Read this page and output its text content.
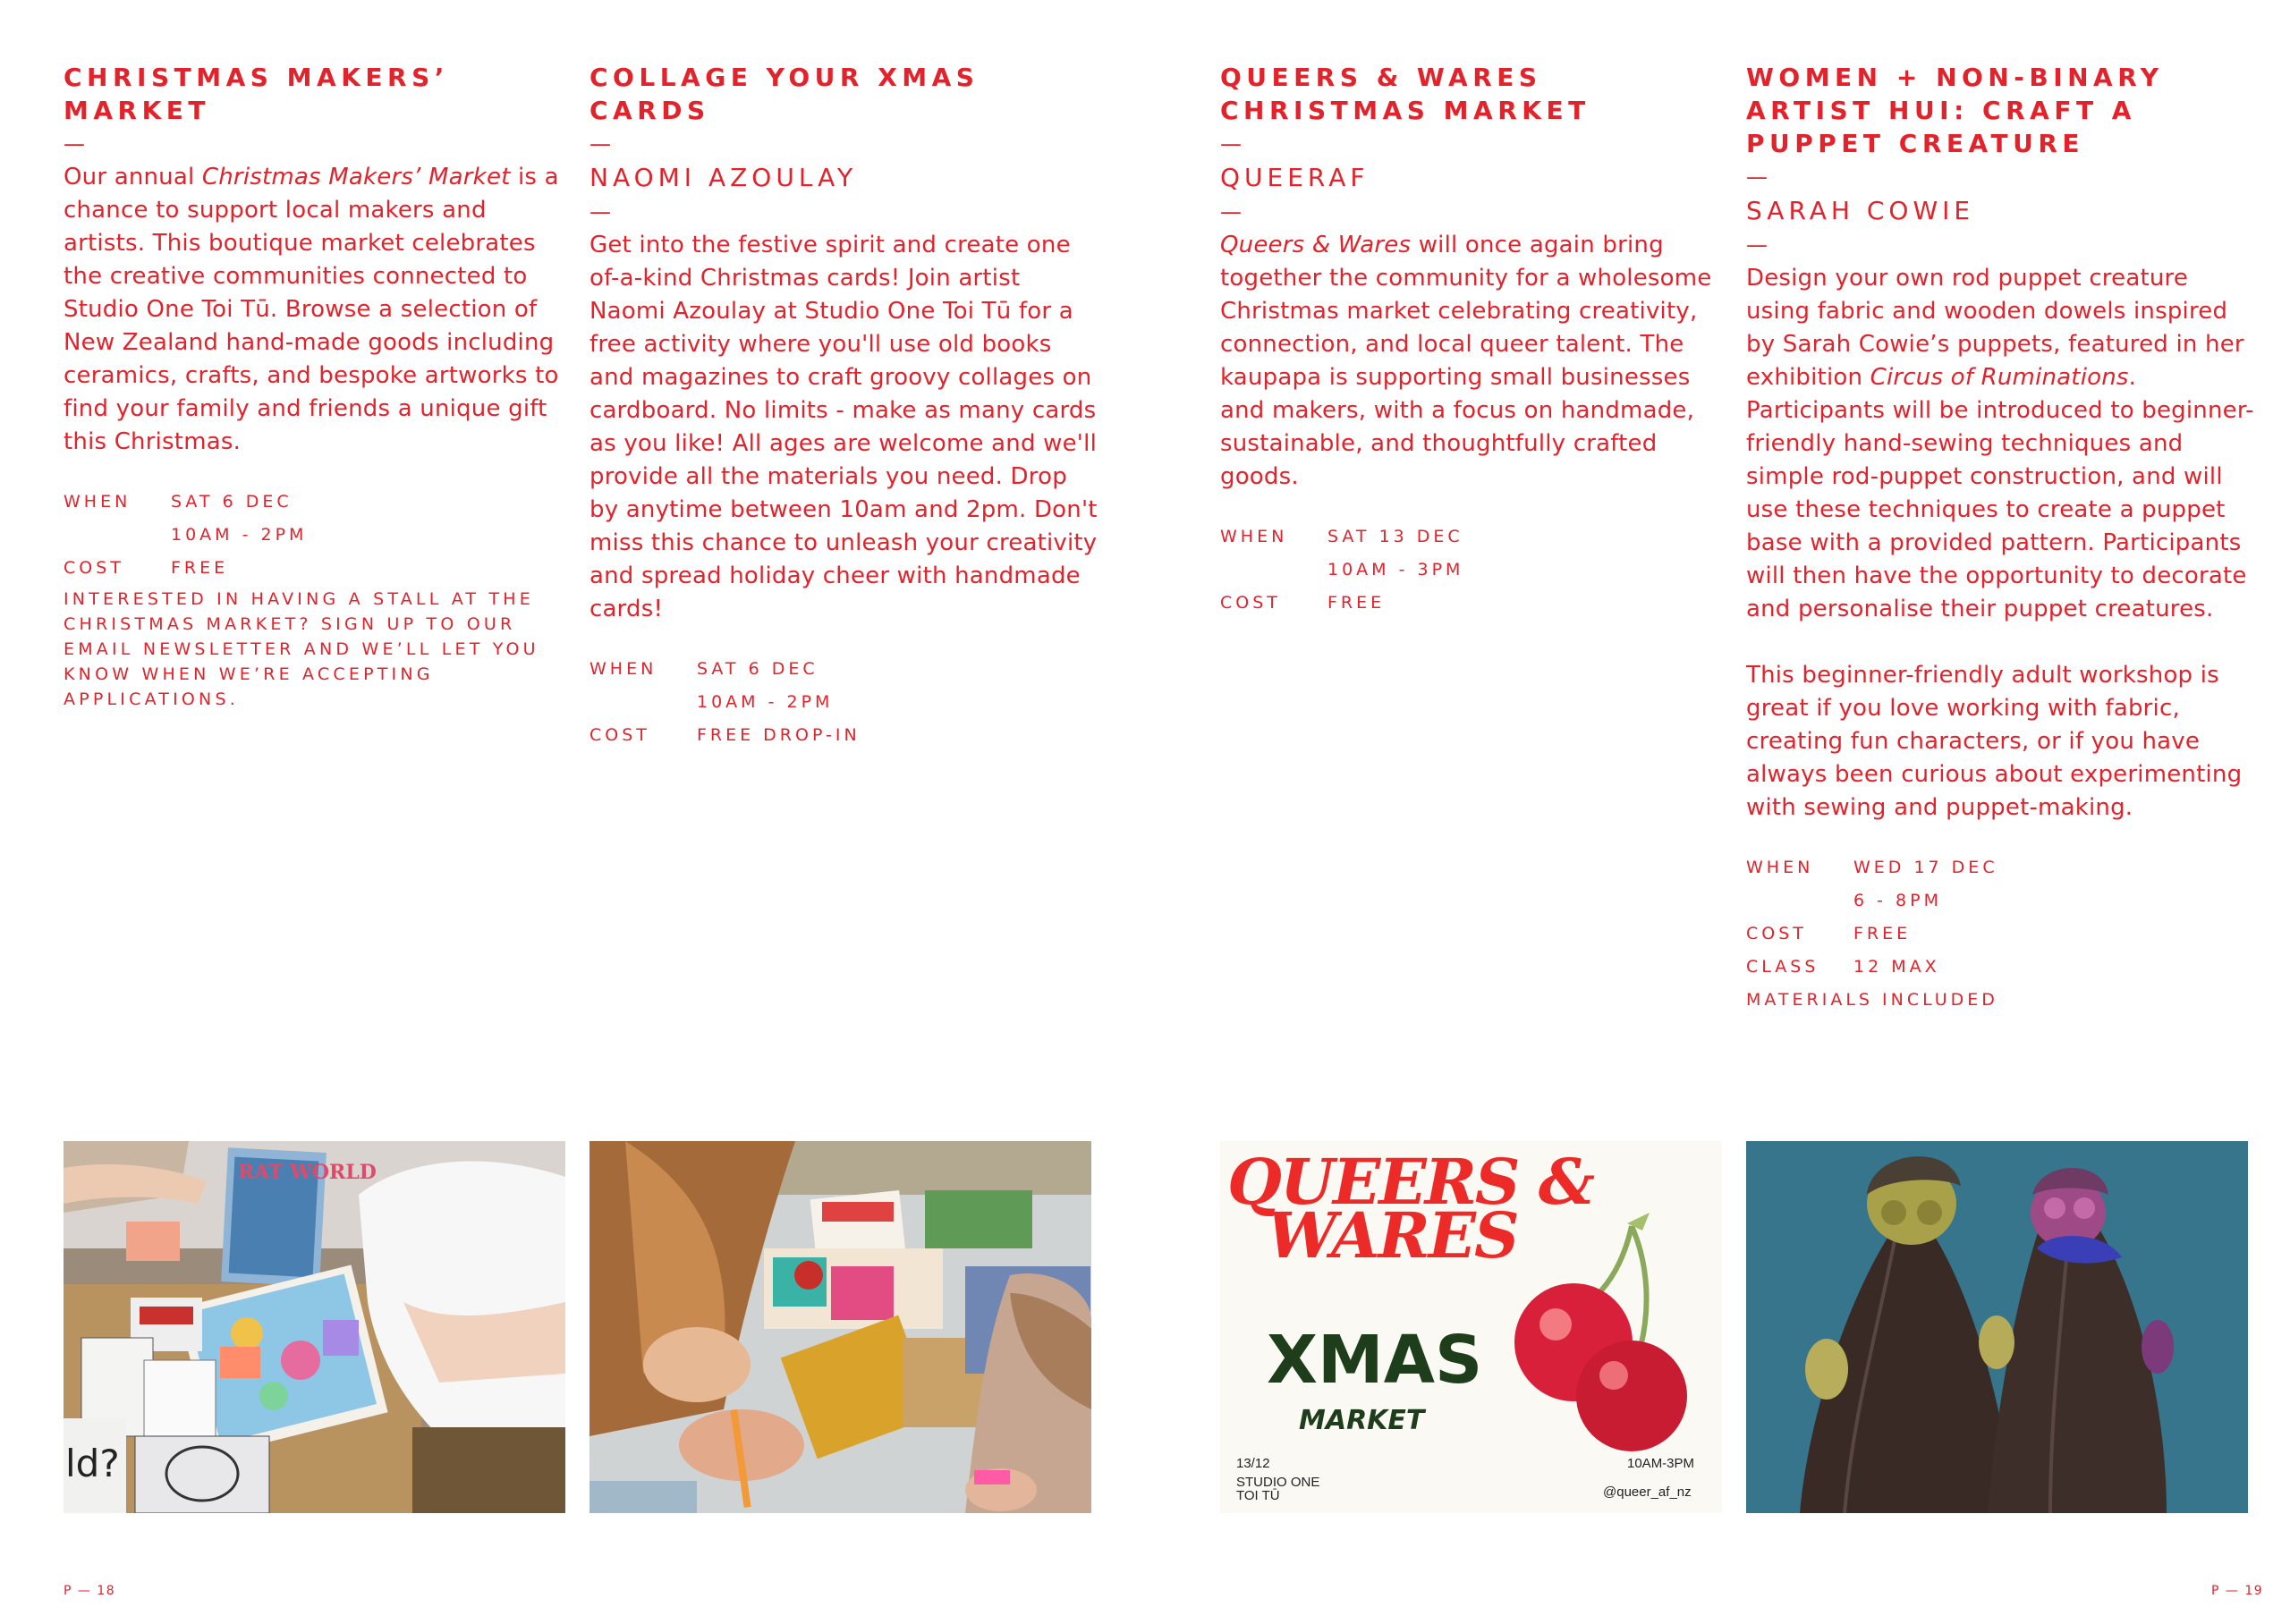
CHRISTMAS MAKERS’ MARKET
—

Our annual Christmas Makers’ Market is a chance to support local makers and artists. This boutique market celebrates the creative communities connected to Studio One Toi Tū. Browse a selection of New Zealand hand-made goods including ceramics, crafts, and bespoke artworks to find your family and friends a unique gift this Christmas.

WHEN	SAT 6 DEC
10AM - 2PM
COST	FREE
INTERESTED IN HAVING A STALL AT THE CHRISTMAS MARKET? SIGN UP TO OUR EMAIL NEWSLETTER AND WE’LL LET YOU KNOW WHEN WE’RE ACCEPTING APPLICATIONS.
COLLAGE YOUR XMAS CARDS
—
NAOMI AZOULAY
—

Get into the festive spirit and create one of-a-kind Christmas cards! Join artist Naomi Azoulay at Studio One Toi Tū for a free activity where you'll use old books and magazines to craft groovy collages on cardboard. No limits - make as many cards as you like! All ages are welcome and we'll provide all the materials you need. Drop by anytime between 10am and 2pm. Don't miss this chance to unleash your creativity and spread holiday cheer with handmade cards!

WHEN	SAT 6 DEC
10AM - 2PM
COST	FREE DROP-IN
QUEERS & WARES
CHRISTMAS MARKET
—
QUEERAF
—

Queers & Wares will once again bring together the community for a wholesome Christmas market celebrating creativity, connection, and local queer talent. The kaupapa is supporting small businesses and makers, with a focus on handmade, sustainable, and thoughtfully crafted goods.

WHEN	SAT 13 DEC
10AM - 3PM
COST	FREE
WOMEN + NON-BINARY
ARTIST HUI: CRAFT A
PUPPET CREATURE
—
SARAH COWIE
—

Design your own rod puppet creature using fabric and wooden dowels inspired by Sarah Cowie’s puppets, featured in her exhibition Circus of Ruminations. Participants will be introduced to beginner-friendly hand-sewing techniques and simple rod-puppet construction, and will use these techniques to create a puppet base with a provided pattern. Participants will then have the opportunity to decorate and personalise their puppet creatures.

This beginner-friendly adult workshop is great if you love working with fabric, creating fun characters, or if you have always been curious about experimenting with sewing and puppet-making.

WHEN	WED 17 DEC
6 - 8PM
COST	FREE
CLASS	12 MAX
MATERIALS INCLUDED
RAT WORLD
ld?
QUEERS &
WARES
XMAS
MARKET
13/12	10AM-3PM
STUDIO ONE
TOI TŪ	@queer_af_nz
P — 18	P — 19
